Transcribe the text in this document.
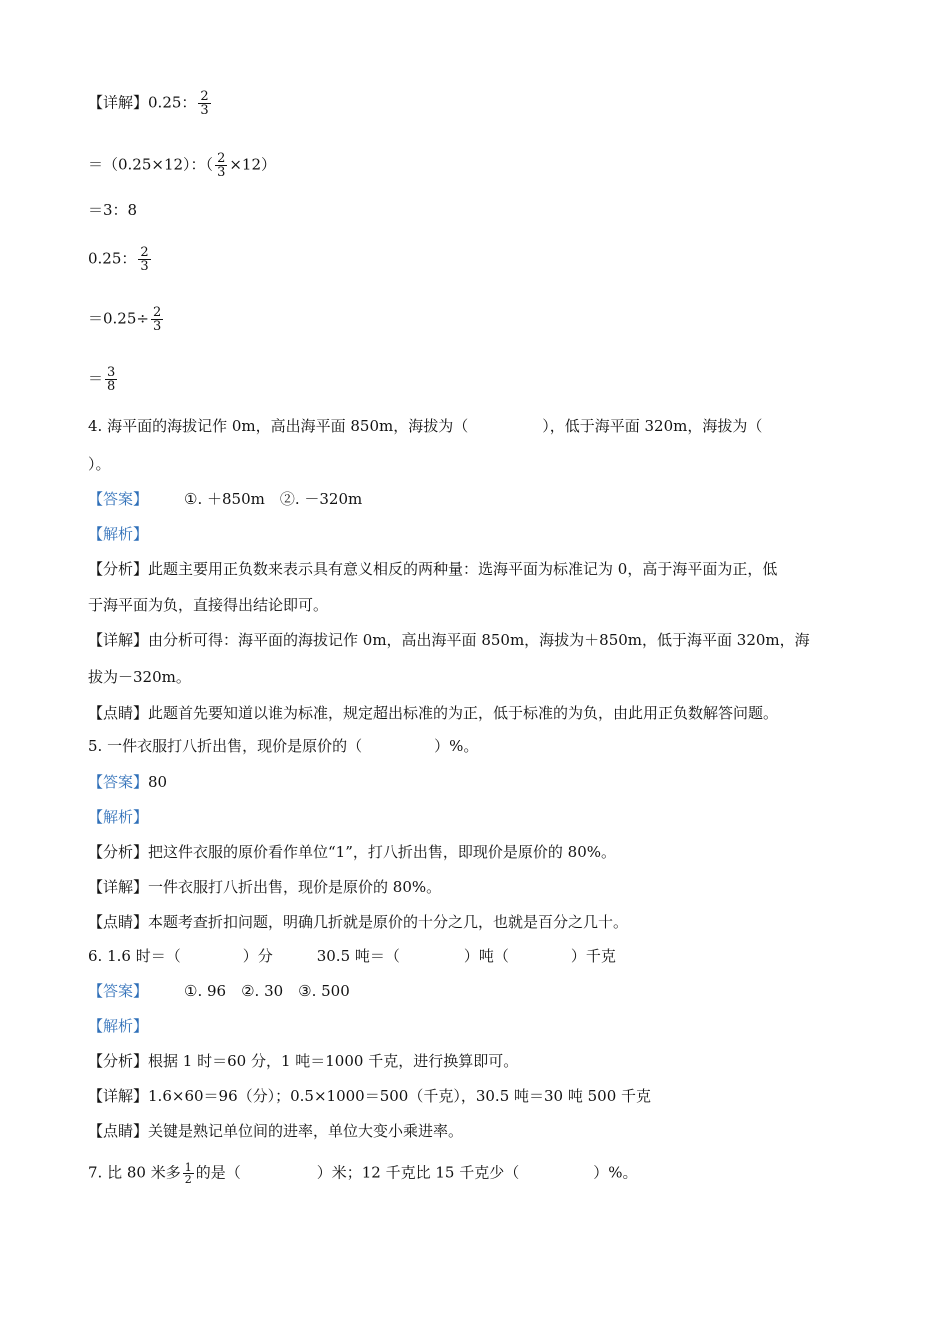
【详解】0.25： $\frac{2}{3}$
＝（0.25×12）：（ $\frac{2}{3} \times 12$）
＝3：8
0.25： $\frac{2}{3}$
$=0.25\div \frac{2}{3}$
＝ $\frac{3}{8}$
4. 海平面的海拔记作 0m，高出海平面 850m，海拔为（	），低于海平面 320m，海拔为（
）。
【答案】 ①. ＋850m　②. －320m
【解析】
【分析】此题主要用正负数来表示具有意义相反的两种量：选海平面为标准记为 0，高于海平面为正，低
于海平面为负，直接得出结论即可。
【详解】由分析可得：海平面的海拔记作 0m，高出海平面 850m，海拔为＋850m，低于海平面 320m，海
拔为－320m。
【点睛】此题首先要知道以谁为标准，规定超出标准的为正，低于标准的为负，由此用正负数解答问题。
5. 一件衣服打八折出售，现价是原价的（	）%。
【答案】80
【解析】
【分析】把这件衣服的原价看作单位“1”，打八折出售，即现价是原价的 80%。
【详解】一件衣服打八折出售，现价是原价的 80%。
【点睛】本题考查折扣问题，明确几折就是原价的十分之几，也就是百分之几十。
6. 1.6 时＝（	）分	30.5 吨＝（	）吨（	）千克
【答案】 ①. 96　②. 30　③. 500
【解析】
【分析】根据 1 时＝60 分，1 吨＝1000 千克，进行换算即可。
【详解】1.6×60＝96（分）；0.5×1000＝500（千克），30.5 吨＝30 吨 500 千克
【点睛】关键是熟记单位间的进率，单位大变小乘进率。
7. 比 80 米多 $\frac{1}{2}$ 的是（	）米；12 千克比 15 千克少（	）%。
